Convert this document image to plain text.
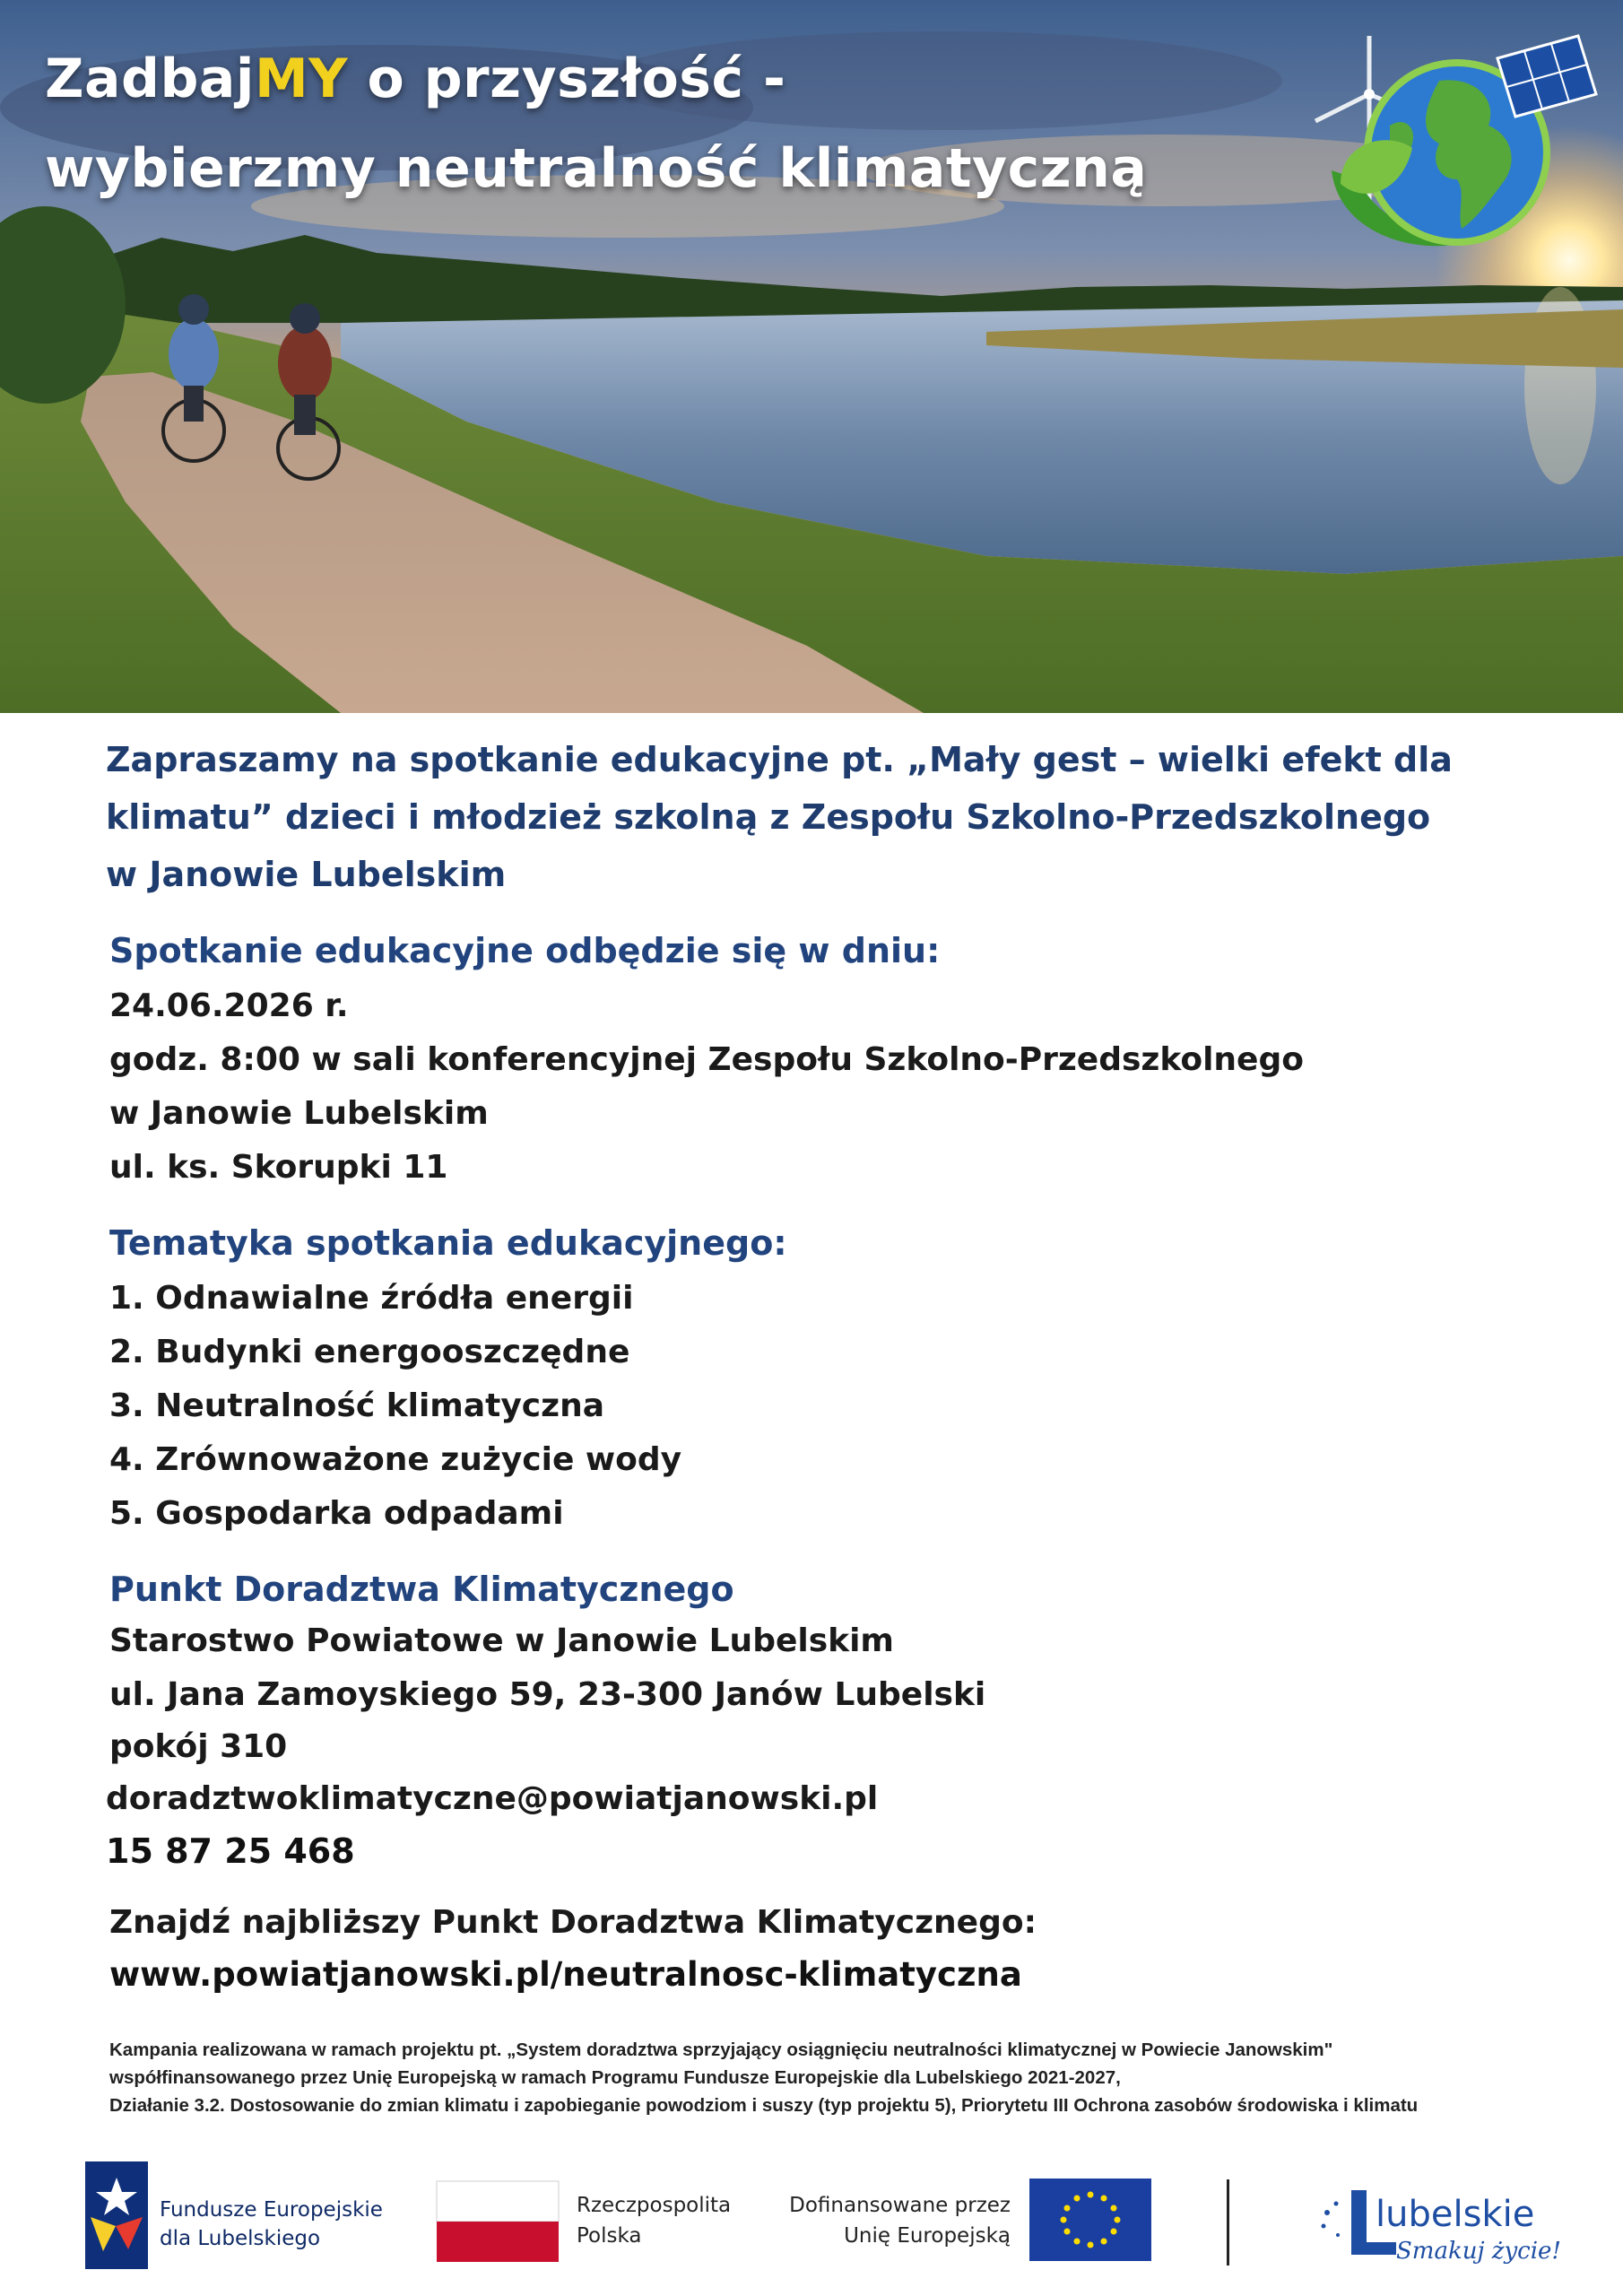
ZadbajMY o przyszłość -
wybierzmy neutralność klimatyczną
Zapraszamy na spotkanie edukacyjne pt. „Mały gest – wielki efekt dla
klimatu” dzieci i młodzież szkolną z Zespołu Szkolno-Przedszkolnego
w Janowie Lubelskim

Spotkanie edukacyjne odbędzie się w dniu:

24.06.2026 r.

godz. 8:00 w sali konferencyjnej Zespołu Szkolno-Przedszkolnego

w Janowie Lubelskim

ul. ks. Skorupki 11

Tematyka spotkania edukacyjnego:

1. Odnawialne źródła energii

2. Budynki energooszczędne

3. Neutralność klimatyczna

4. Zrównoważone zużycie wody

5. Gospodarka odpadami

Punkt Doradztwa Klimatycznego

Starostwo Powiatowe w Janowie Lubelskim

ul. Jana Zamoyskiego 59, 23-300 Janów Lubelski

pokój 310

doradztwoklimatyczne@powiatjanowski.pl

15 87 25 468

Znajdź najbliższy Punkt Doradztwa Klimatycznego:

www.powiatjanowski.pl/neutralnosc-klimatyczna

Kampania realizowana w ramach projektu pt. „System doradztwa sprzyjający osiągnięciu neutralności klimatycznej w Powiecie Janowskim"

współfinansowanego przez Unię Europejską w ramach Programu Fundusze Europejskie dla Lubelskiego 2021-2027,

Działanie 3.2. Dostosowanie do zmian klimatu i zapobieganie powodziom i suszy (typ projektu 5), Priorytetu III Ochrona zasobów środowiska i klimatu

Fundusze Europejskie
dla Lubelskiego
Rzeczpospolita
Polska
Dofinansowane przez
Unię Europejską
lubelskie
Smakuj życie!
